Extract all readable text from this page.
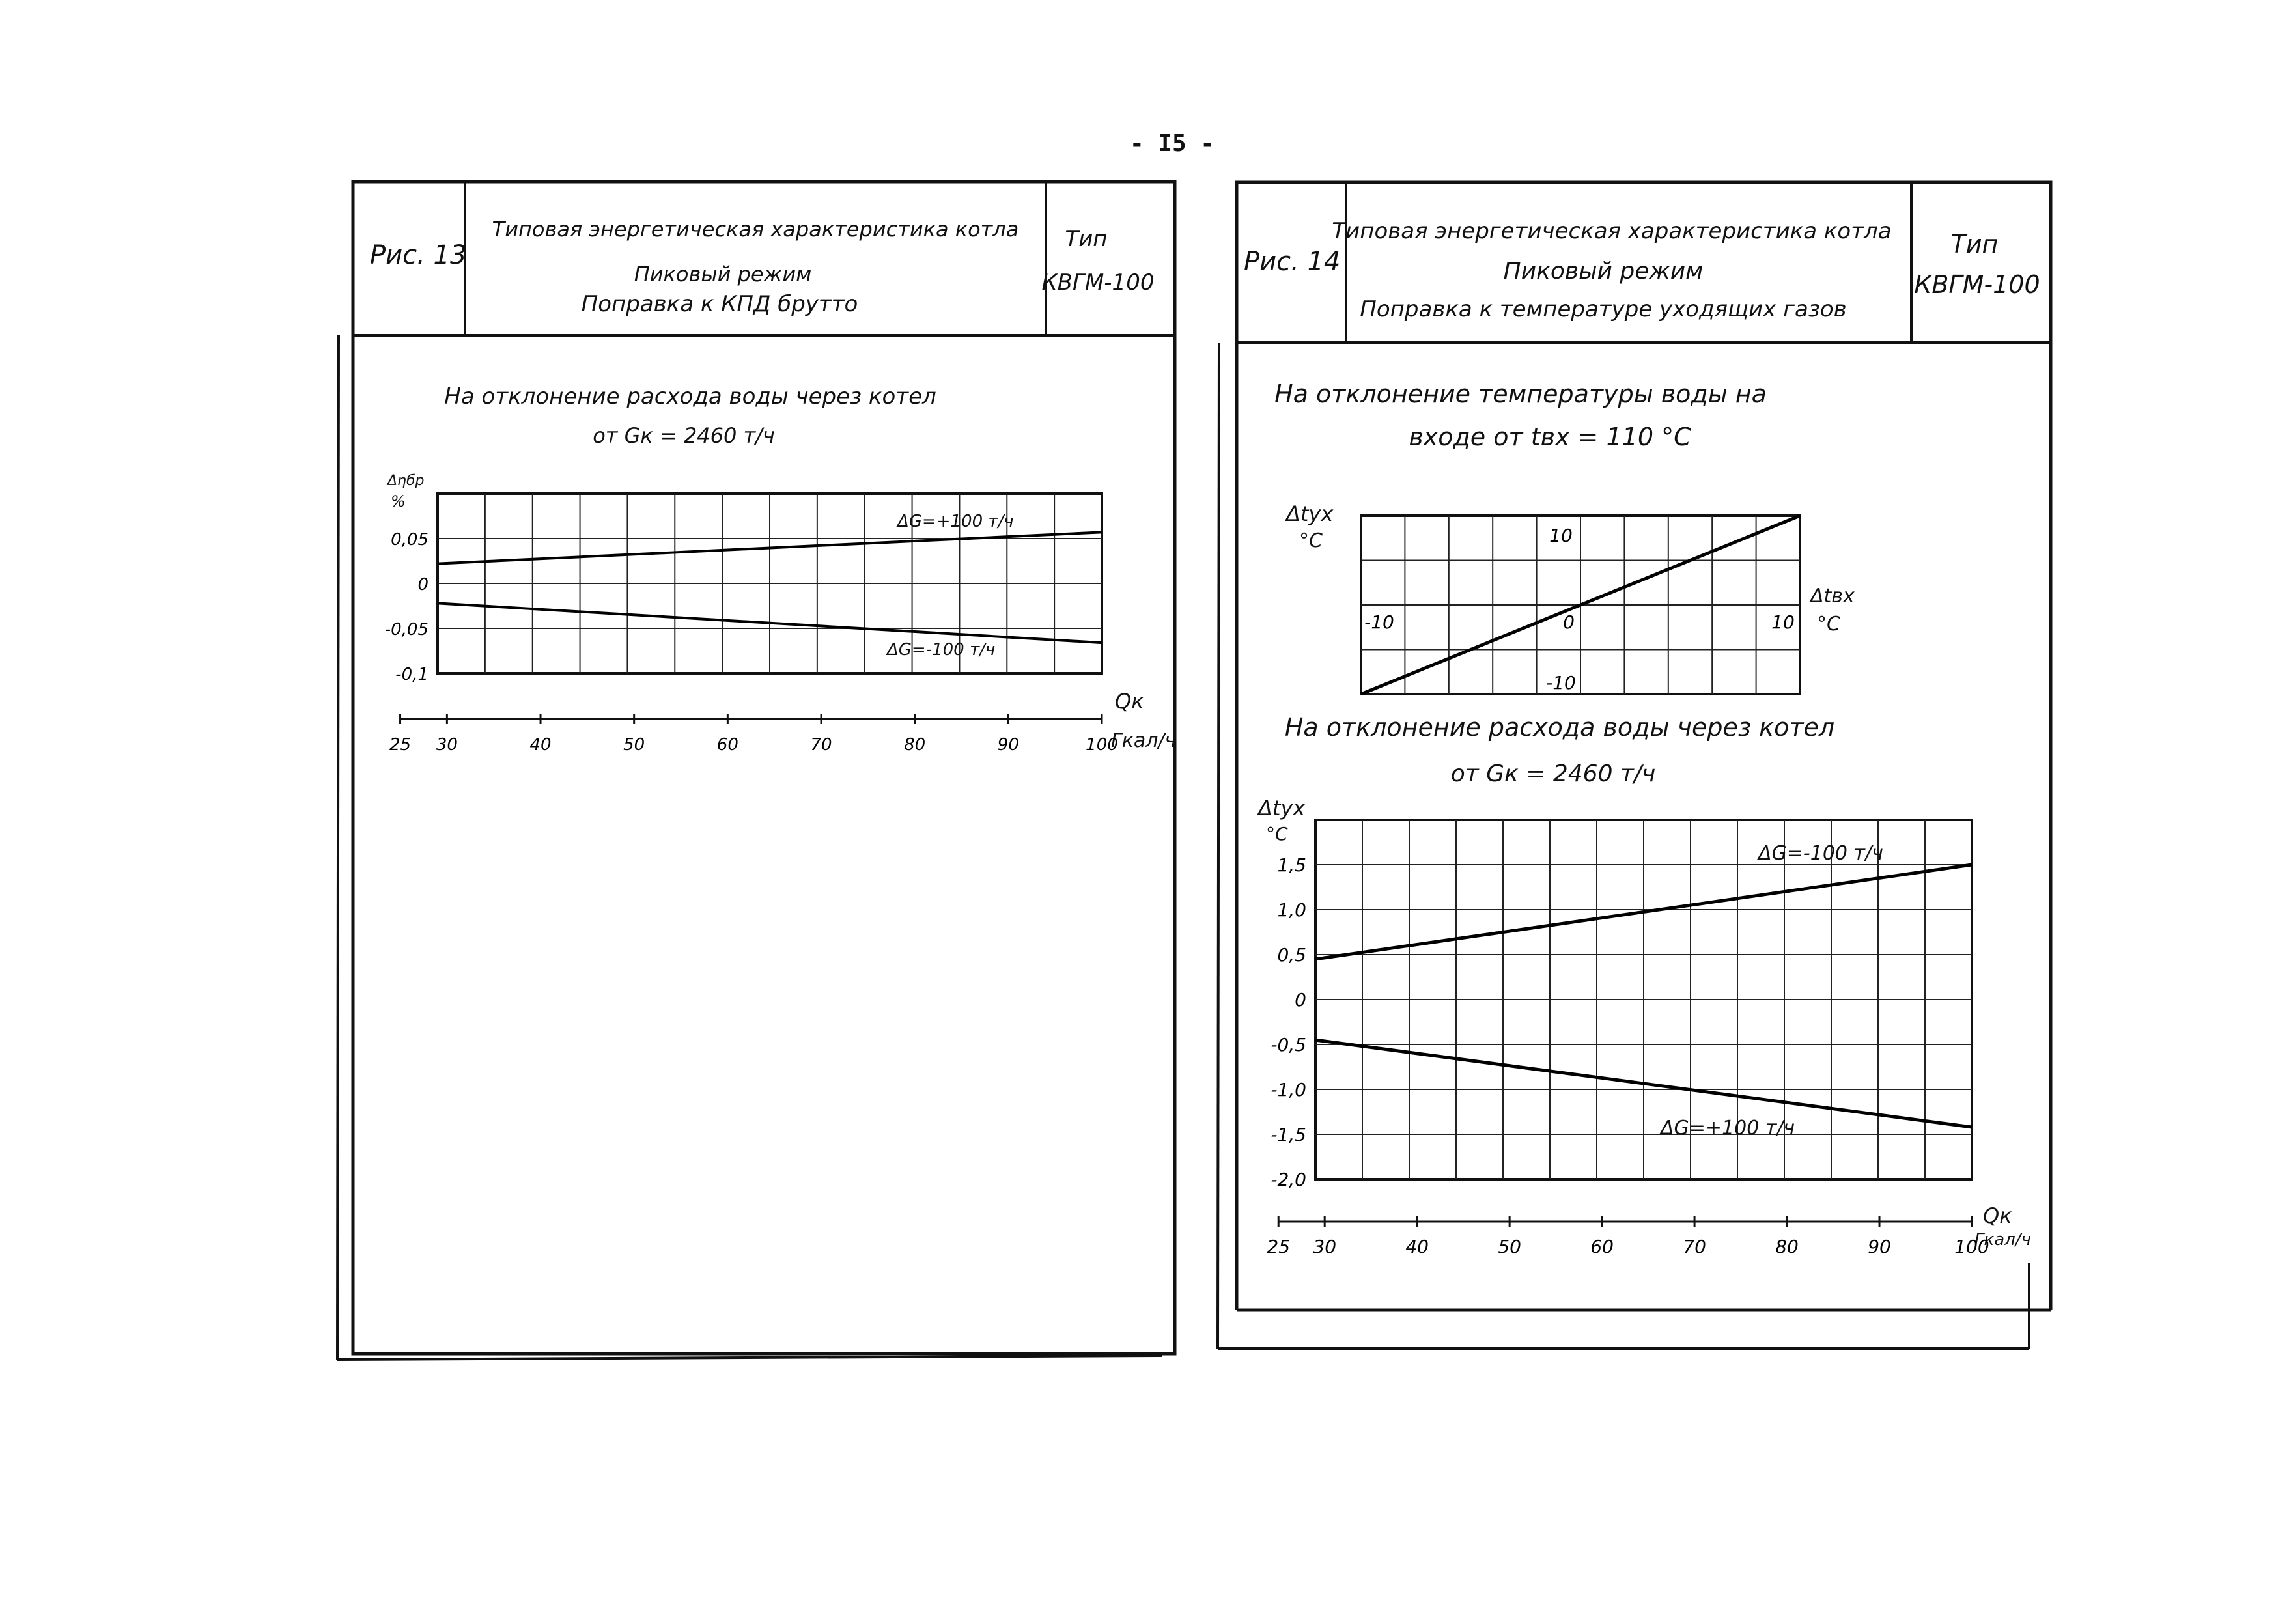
- I5 -
Рис. 13
Типовая энергетическая характеристика котла
Пиковый режим
Поправка к КПД брутто
Тип
КВГМ-100
На отклонение расхода воды через котел
от Gк = 2460 т/ч
Δηбр
%
Qк
Гкал/ч
0,05
0
-0,05
-0,1
25 30	40	50	60	70	80	90	100
ΔG=+100 т/ч
ΔG=-100 т/ч
Рис. 14
Типовая энергетическая характеристика котла
Пиковый режим
Поправка к температуре уходящих газов
Тип
КВГМ-100
На отклонение температуры воды на
входе от tвх = 110 °С
Δtух
°С
Δtвх
°С
10
-10
-10	0	10
На отклонение расхода воды через котел
от Gк = 2460 т/ч
Δtух
°С
Qк
Гкал/ч
1,5
1,0
0,5
0
-0,5
-1,0
-1,5
-2,0
25 30	40	50	60	70	80	90	100
ΔG=-100 т/ч
ΔG=+100 т/ч
